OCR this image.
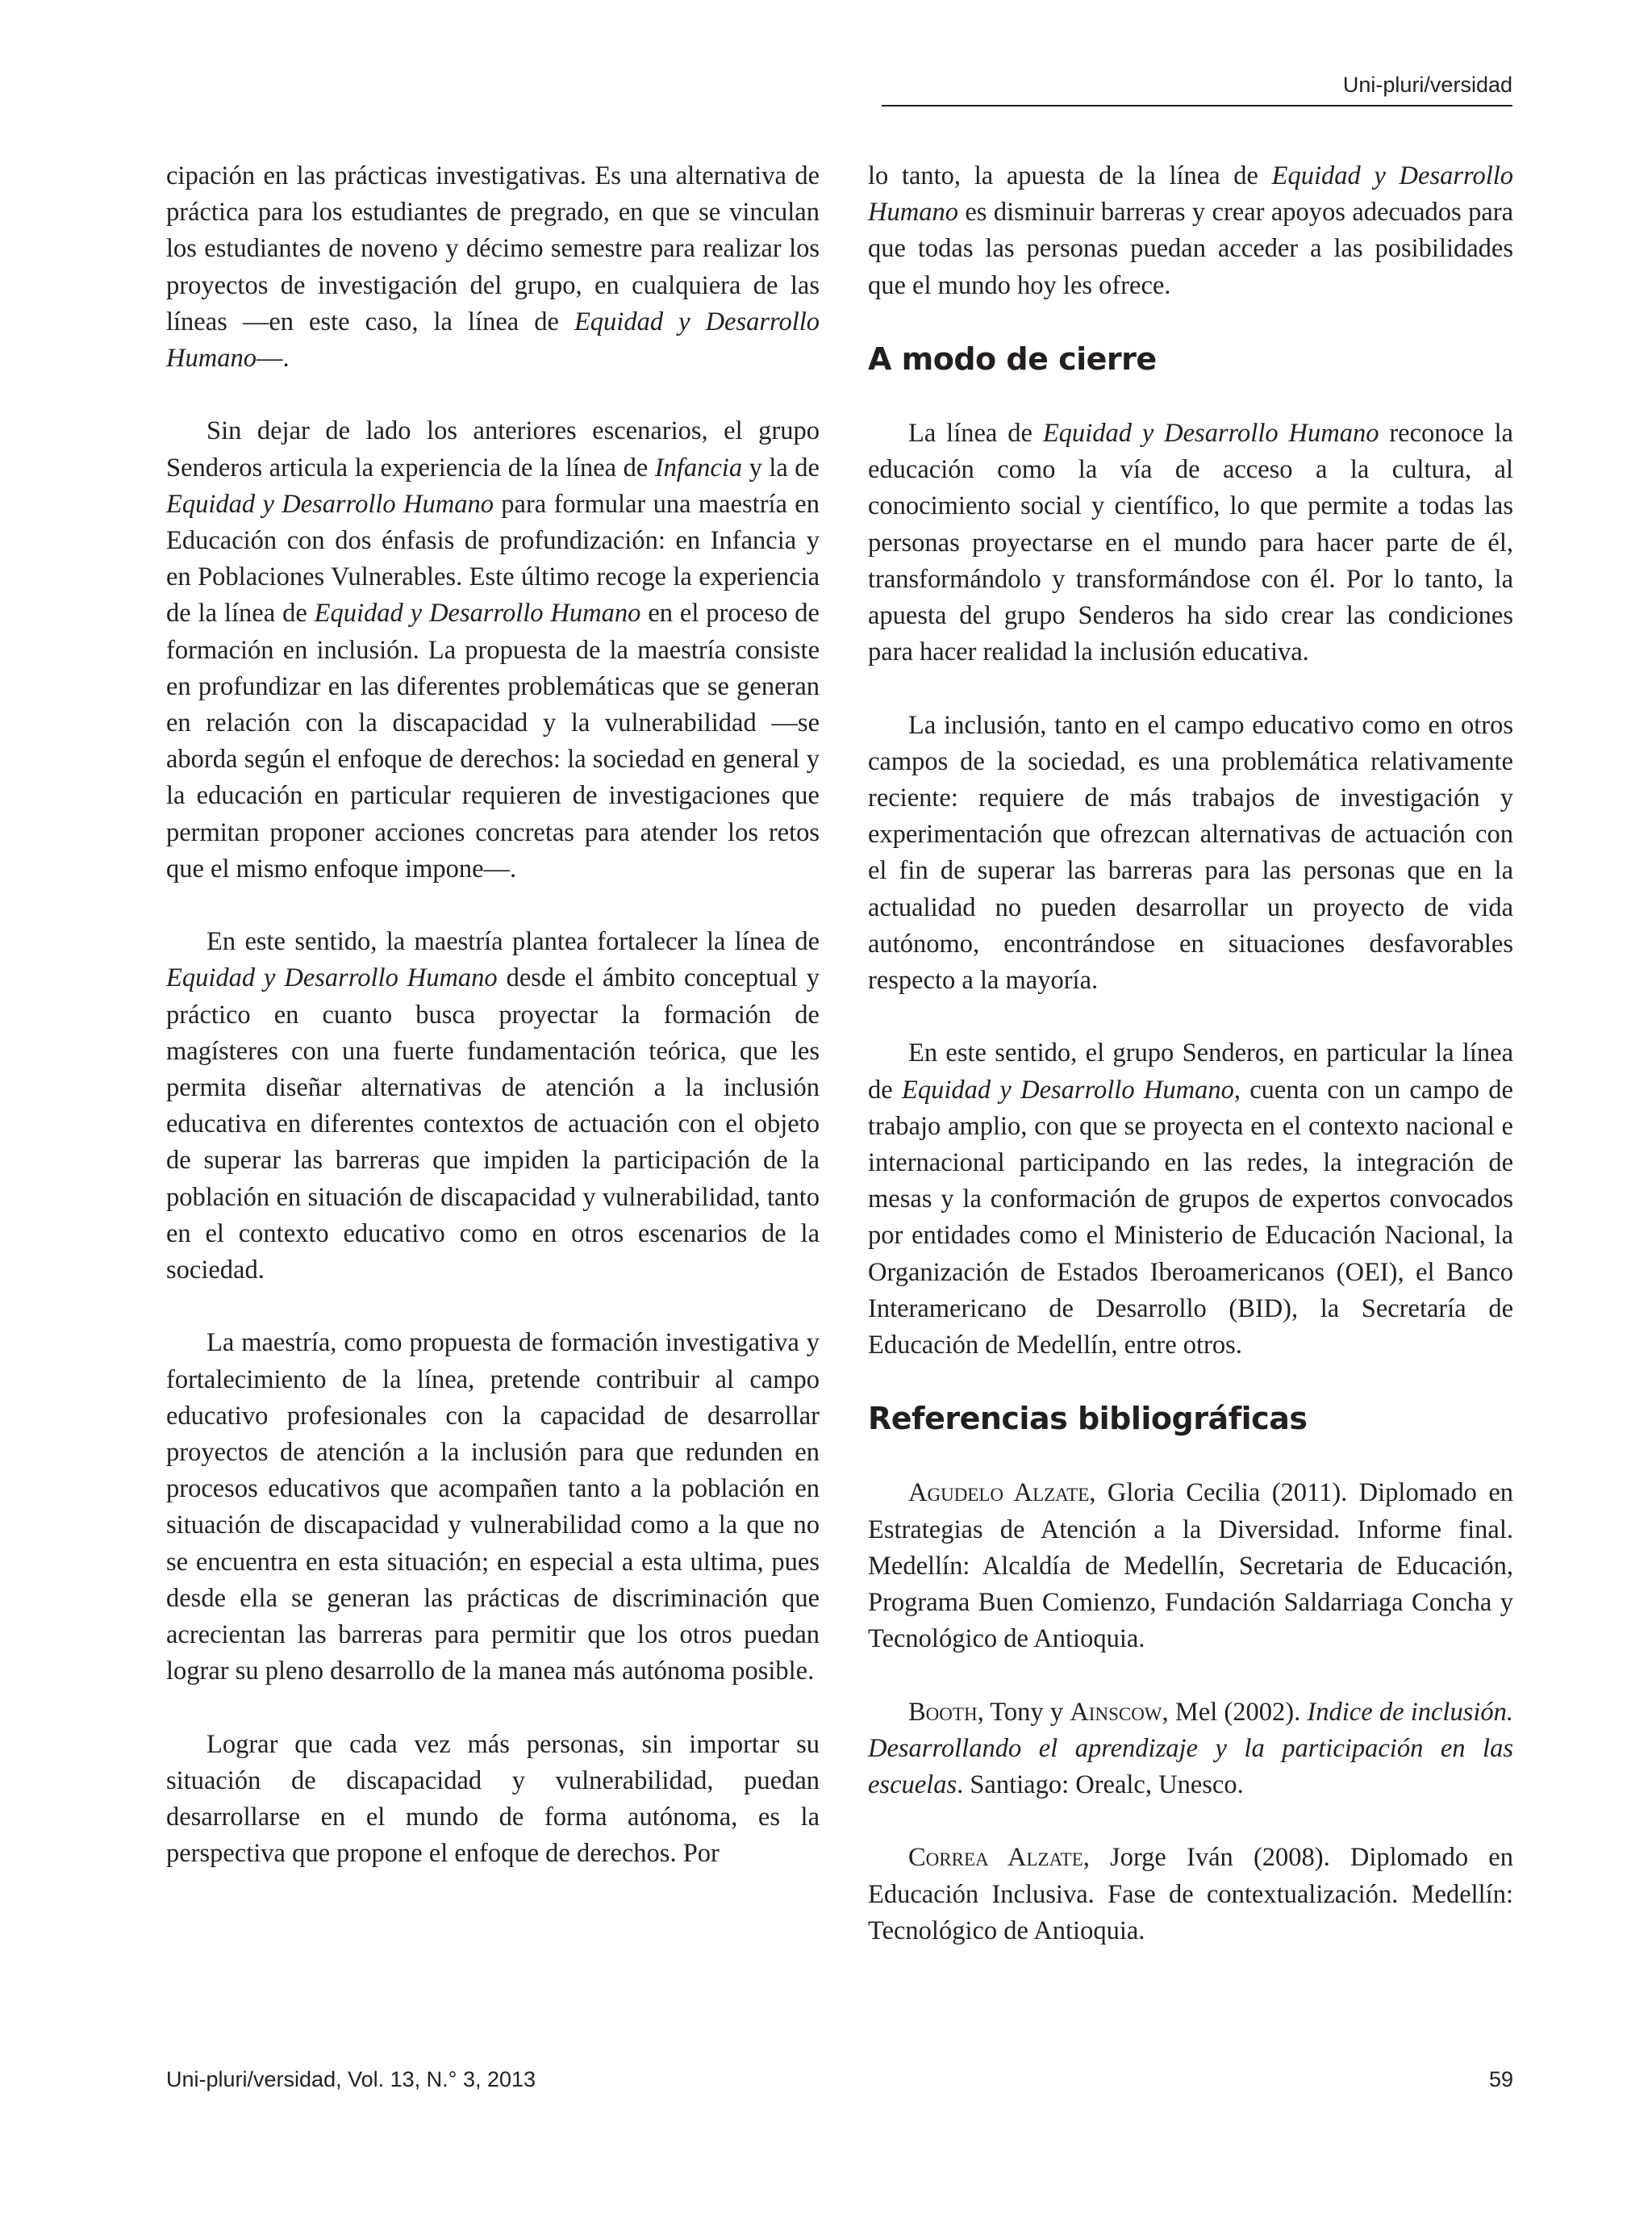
Uni-pluri/versidad

cipación en las prácticas investigativas. Es una alternativa de práctica para los estudiantes de pregrado, en que se vinculan los estudiantes de noveno y décimo semestre para realizar los proyectos de investigación del grupo, en cualquiera de las líneas —en este caso, la línea de Equidad y Desarrollo Humano—.

Sin dejar de lado los anteriores escenarios, el grupo Senderos articula la experiencia de la línea de Infancia y la de Equidad y Desarrollo Humano para formular una maestría en Educación con dos énfasis de profundización: en Infancia y en Poblaciones Vulnerables. Este último recoge la experiencia de la línea de Equidad y Desarrollo Humano en el proceso de formación en inclusión. La propuesta de la maestría consiste en profundizar en las diferentes problemáticas que se generan en relación con la discapacidad y la vulnerabilidad —se aborda según el enfoque de derechos: la sociedad en general y la educación en particular requieren de investigaciones que permitan proponer acciones concretas para atender los retos que el mismo enfoque impone—.

En este sentido, la maestría plantea fortalecer la línea de Equidad y Desarrollo Humano desde el ámbito conceptual y práctico en cuanto busca proyectar la formación de magísteres con una fuerte fundamentación teórica, que les permita diseñar alternativas de atención a la inclusión educativa en diferentes contextos de actuación con el objeto de superar las barreras que impiden la participación de la población en situación de discapacidad y vulnerabilidad, tanto en el contexto educativo como en otros escenarios de la sociedad.

La maestría, como propuesta de formación investigativa y fortalecimiento de la línea, pretende contribuir al campo educativo profesionales con la capacidad de desarrollar proyectos de atención a la inclusión para que redunden en procesos educativos que acompañen tanto a la población en situación de discapacidad y vulnerabilidad como a la que no se encuentra en esta situación; en especial a esta ultima, pues desde ella se generan las prácticas de discriminación que acrecientan las barreras para permitir que los otros puedan lograr su pleno desarrollo de la manea más autónoma posible.

Lograr que cada vez más personas, sin importar su situación de discapacidad y vulnerabilidad, puedan desarrollarse en el mundo de forma autónoma, es la perspectiva que propone el enfoque de derechos. Por

lo tanto, la apuesta de la línea de Equidad y Desarrollo Humano es disminuir barreras y crear apoyos adecuados para que todas las personas puedan acceder a las posibilidades que el mundo hoy les ofrece.

A modo de cierre

La línea de Equidad y Desarrollo Humano reconoce la educación como la vía de acceso a la cultura, al conocimiento social y científico, lo que permite a todas las personas proyectarse en el mundo para hacer parte de él, transformándolo y transformándose con él. Por lo tanto, la apuesta del grupo Senderos ha sido crear las condiciones para hacer realidad la inclusión educativa.

La inclusión, tanto en el campo educativo como en otros campos de la sociedad, es una problemática relativamente reciente: requiere de más trabajos de investigación y experimentación que ofrezcan alternativas de actuación con el fin de superar las barreras para las personas que en la actualidad no pueden desarrollar un proyecto de vida autónomo, encontrándose en situaciones desfavorables respecto a la mayoría.

En este sentido, el grupo Senderos, en particular la línea de Equidad y Desarrollo Humano, cuenta con un campo de trabajo amplio, con que se proyecta en el contexto nacional e internacional participando en las redes, la integración de mesas y la conformación de grupos de expertos convocados por entidades como el Ministerio de Educación Nacional, la Organización de Estados Iberoamericanos (OEI), el Banco Interamericano de Desarrollo (BID), la Secretaría de Educación de Medellín, entre otros.

Referencias bibliográficas

Agudelo Alzate, Gloria Cecilia (2011). Diplomado en Estrategias de Atención a la Diversidad. Informe final. Medellín: Alcaldía de Medellín, Secretaria de Educación, Programa Buen Comienzo, Fundación Saldarriaga Concha y Tecnológico de Antioquia.

Booth, Tony y Ainscow, Mel (2002). Indice de inclusión. Desarrollando el aprendizaje y la participación en las escuelas. Santiago: Orealc, Unesco.

Correa Alzate, Jorge Iván (2008). Diplomado en Educación Inclusiva. Fase de contextualización. Medellín: Tecnológico de Antioquia.

Uni-pluri/versidad, Vol. 13, N.° 3, 2013	59
